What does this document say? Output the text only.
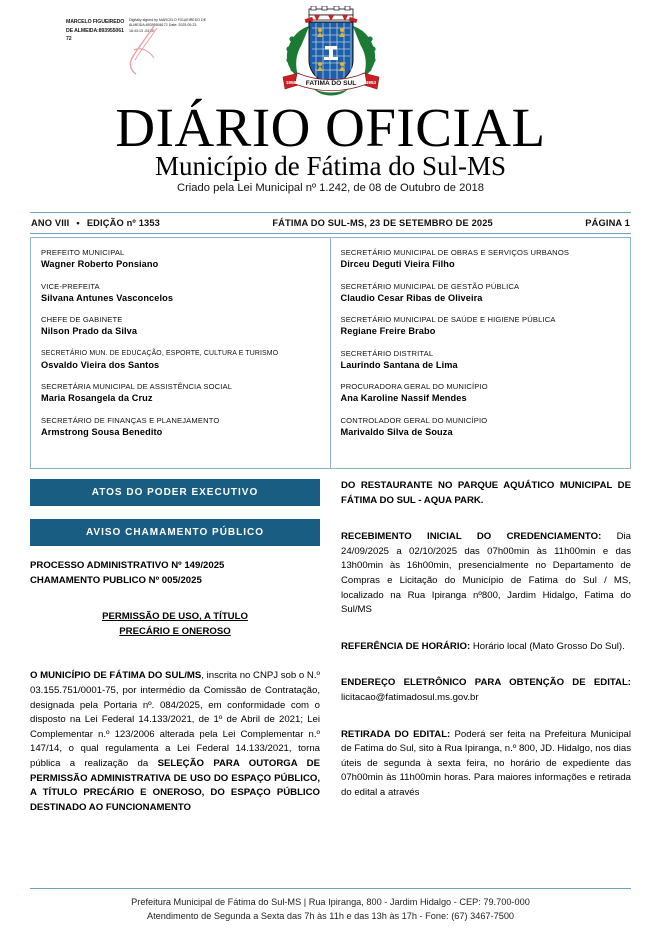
MARCELO FIGUEIREDO DE ALMEIDA:89395506172
Digitally signed by MARCELO FIGUEIREDO DE ALMEIDA:89395506172 Date: 2025.09.23 18:43:13 -04'00'
FATIMA DO SUL
1958	1953
DIÁRIO OFICIAL
Município de Fátima do Sul-MS
Criado pela Lei Municipal nº 1.242, de 08 de Outubro de 2018
ANO VIII • EDIÇÃO nº 1353	FÁTIMA DO SUL-MS, 23 DE SETEMBRO DE 2025	PÁGINA 1
PREFEITO MUNICIPAL
Wagner Roberto Ponsiano
VICE-PREFEITA
Silvana Antunes Vasconcelos
CHEFE DE GABINETE
Nilson Prado da Silva
SECRETÁRIO MUN. DE EDUCAÇÃO, ESPORTE, CULTURA E TURISMO
Osvaldo Vieira dos Santos
SECRETÁRIA MUNICIPAL DE ASSISTÊNCIA SOCIAL
Maria Rosangela da Cruz
SECRETÁRIO DE FINANÇAS E PLANEJAMENTO
Armstrong Sousa Benedito
SECRETÁRIO MUNICIPAL DE OBRAS E SERVIÇOS URBANOS
Dirceu Deguti Vieira Filho
SECRETÁRIO MUNICIPAL DE GESTÃO PÚBLICA
Claudio Cesar Ribas de Oliveira
SECRETÁRIO MUNICIPAL DE SAÚDE E HIGIENE PÚBLICA
Regiane Freire Brabo
SECRETÁRIO DISTRITAL
Laurindo Santana de Lima
PROCURADORA GERAL DO MUNICÍPIO
Ana Karoline Nassif Mendes
CONTROLADOR GERAL DO MUNICÍPIO
Marivaldo Silva de Souza
ATOS DO PODER EXECUTIVO
AVISO CHAMAMENTO PÚBLICO
PROCESSO ADMINISTRATIVO Nº 149/2025
CHAMAMENTO PUBLICO Nº 005/2025
PERMISSÃO DE USO, A TÍTULO
PRECÁRIO E ONEROSO

O MUNICÍPIO DE FÁTIMA DO SUL/MS, inscrita no CNPJ sob o N.º 03.155.751/0001-75, por intermédio da Comissão de Contratação, designada pela Portaria nº. 084/2025, em conformidade com o disposto na Lei Federal 14.133/2021, de 1º de Abril de 2021; Lei Complementar n.º 123/2006 alterada pela Lei Complementar n.º 147/14, o qual regulamenta a Lei Federal 14.133/2021, torna pública a realização da SELEÇÃO PARA OUTORGA DE PERMISSÃO ADMINISTRATIVA DE USO DO ESPAÇO PÚBLICO, A TÍTULO PRECÁRIO E ONEROSO, DO ESPAÇO PÚBLICO DESTINADO AO FUNCIONAMENTO

DO RESTAURANTE NO PARQUE AQUÁTICO MUNICIPAL DE FÁTIMA DO SUL - AQUA PARK.

RECEBIMENTO INICIAL DO CREDENCIAMENTO: Dia 24/09/2025 a 02/10/2025 das 07h00min às 11h00min e das 13h00min às 16h00min, presencialmente no Departamento de Compras e Licitação do Município de Fatima do Sul / MS, localizado na Rua Ipiranga nº800, Jardim Hidalgo, Fatima do Sul/MS

REFERÊNCIA DE HORÁRIO: Horário local (Mato Grosso Do Sul).

ENDEREÇO ELETRÔNICO PARA OBTENÇÃO DE EDITAL: licitacao@fatimadosul.ms.gov.br

RETIRADA DO EDITAL: Poderá ser feita na Prefeitura Municipal de Fatima do Sul, sito à Rua Ipiranga, n.º 800, JD. Hidalgo, nos dias úteis de segunda à sexta feira, no horário de expediente das 07h00min às 11h00min horas. Para maiores informações e retirada do edital a através

Prefeitura Municipal de Fátima do Sul-MS | Rua Ipiranga, 800 - Jardim Hidalgo - CEP: 79.700-000
Atendimento de Segunda a Sexta das 7h às 11h e das 13h às 17h - Fone: (67) 3467-7500
